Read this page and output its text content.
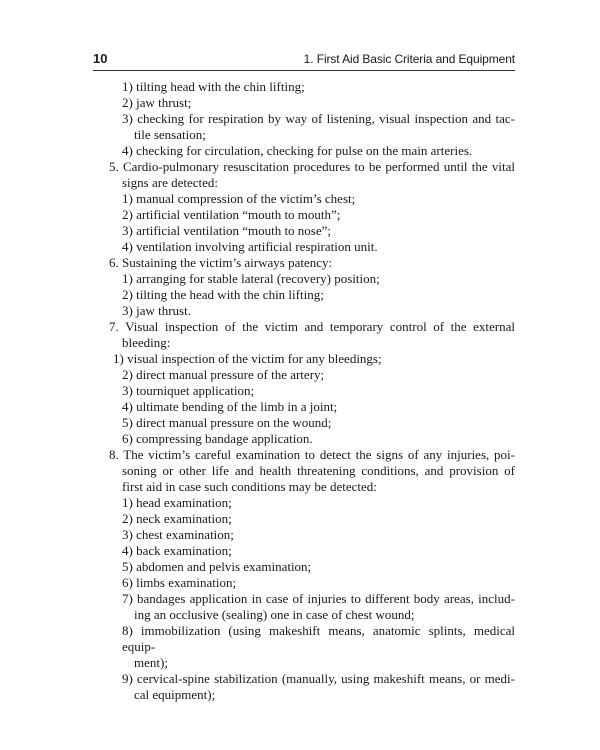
10	1. First Aid Basic Criteria and Equipment
1) tilting head with the chin lifting;
2) jaw thrust;
3) checking for respiration by way of listening, visual inspection and tac-
tile sensation;
4) checking for circulation, checking for pulse on the main arteries.
5. Cardio-pulmonary resuscitation procedures to be performed until the vital
signs are detected:
1) manual compression of the victim’s chest;
2) artificial ventilation “mouth to mouth”;
3) artificial ventilation “mouth to nose”;
4) ventilation involving artificial respiration unit.
6. Sustaining the victim’s airways patency:
1) arranging for stable lateral (recovery) position;
2) tilting the head with the chin lifting;
3) jaw thrust.
7. Visual inspection of the victim and temporary control of the external
bleeding:
1) visual inspection of the victim for any bleedings;
2) direct manual pressure of the artery;
3) tourniquet application;
4) ultimate bending of the limb in a joint;
5) direct manual pressure on the wound;
6) compressing bandage application.
8. The victim’s careful examination to detect the signs of any injuries, poi-
soning or other life and health threatening conditions, and provision of
first aid in case such conditions may be detected:
1) head examination;
2) neck examination;
3) chest examination;
4) back examination;
5) abdomen and pelvis examination;
6) limbs examination;
7) bandages application in case of injuries to different body areas, includ-
ing an occlusive (sealing) one in case of chest wound;
8) immobilization (using makeshift means, anatomic splints, medical equip-
ment);
9) cervical-spine stabilization (manually, using makeshift means, or medi-
cal equipment);
